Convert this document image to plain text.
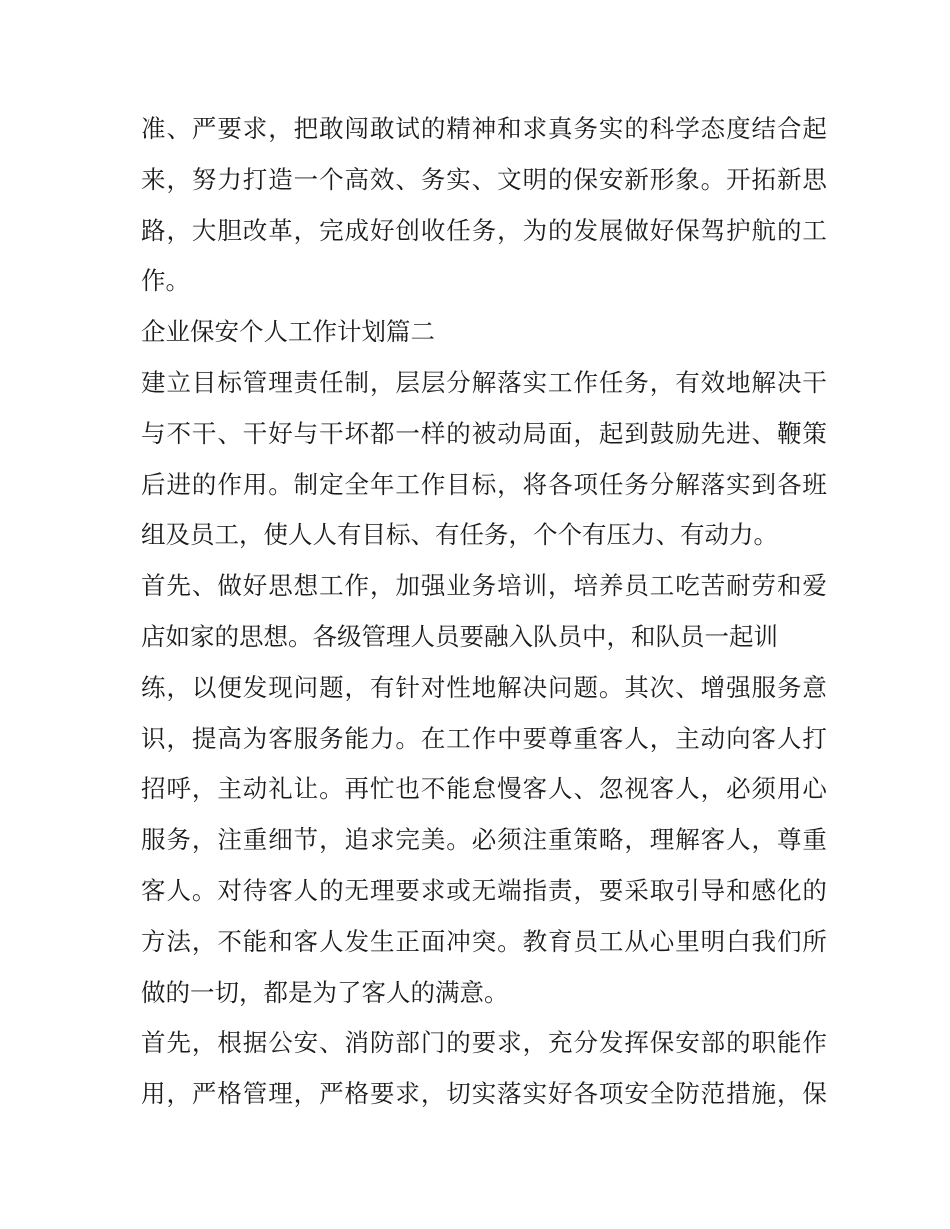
准 、 严 要 求 ， 把 敢 闯 敢 试 的 精 神 和 求 真 务 实 的 科 学 态 度 结 合 起
来 ， 努 力 打 造 一 个 高 效 、 务 实 、 文 明 的 保 安 新 形 象 。 开 拓 新 思
路 ， 大 胆 改 革 ， 完 成 好 创 收 任 务 ， 为 的 发 展 做 好 保 驾 护 航 的 工
作。
企业保安个人工作计划篇二
建 立 目 标 管 理 责 任 制 ， 层 层 分 解 落 实 工 作 任 务 ， 有 效 地 解 决 干
与 不 干 、 干 好 与 干 坏 都 一 样 的 被 动 局 面 ， 起 到 鼓 励 先 进 、 鞭 策
后 进 的 作 用 。 制 定 全 年 工 作 目 标 ， 将 各 项 任 务 分 解 落 实 到 各 班
组及员工，使人人有目标、有任务，个个有压力、有动力。
首 先 、 做 好 思 想 工 作 ， 加 强 业 务 培 训 ， 培 养 员 工 吃 苦 耐 劳 和 爱
店如家的思想。各级管理人员要融入队员中，和队员一起训
练 ， 以 便 发 现 问 题 ， 有 针 对 性 地 解 决 问 题 。 其 次 、 增 强 服 务 意
识 ， 提 高 为 客 服 务 能 力 。 在 工 作 中 要 尊 重 客 人 ， 主 动 向 客 人 打
招 呼 ， 主 动 礼 让 。 再 忙 也 不 能 怠 慢 客 人 、 忽 视 客 人 ， 必 须 用 心
服 务 ， 注 重 细 节 ， 追 求 完 美 。 必 须 注 重 策 略 ， 理 解 客 人 ， 尊 重
客 人 。 对 待 客 人 的 无 理 要 求 或 无 端 指 责 ， 要 采 取 引 导 和 感 化 的
方 法 ， 不 能 和 客 人 发 生 正 面 冲 突 。 教 育 员 工 从 心 里 明 白 我 们 所
做的一切，都是为了客人的满意。
首 先 ， 根 据 公 安 、 消 防 部 门 的 要 求 ， 充 分 发 挥 保 安 部 的 职 能 作
用 ， 严 格 管 理 ， 严 格 要 求 ， 切 实 落 实 好 各 项 安 全 防 范 措 施 ， 保
